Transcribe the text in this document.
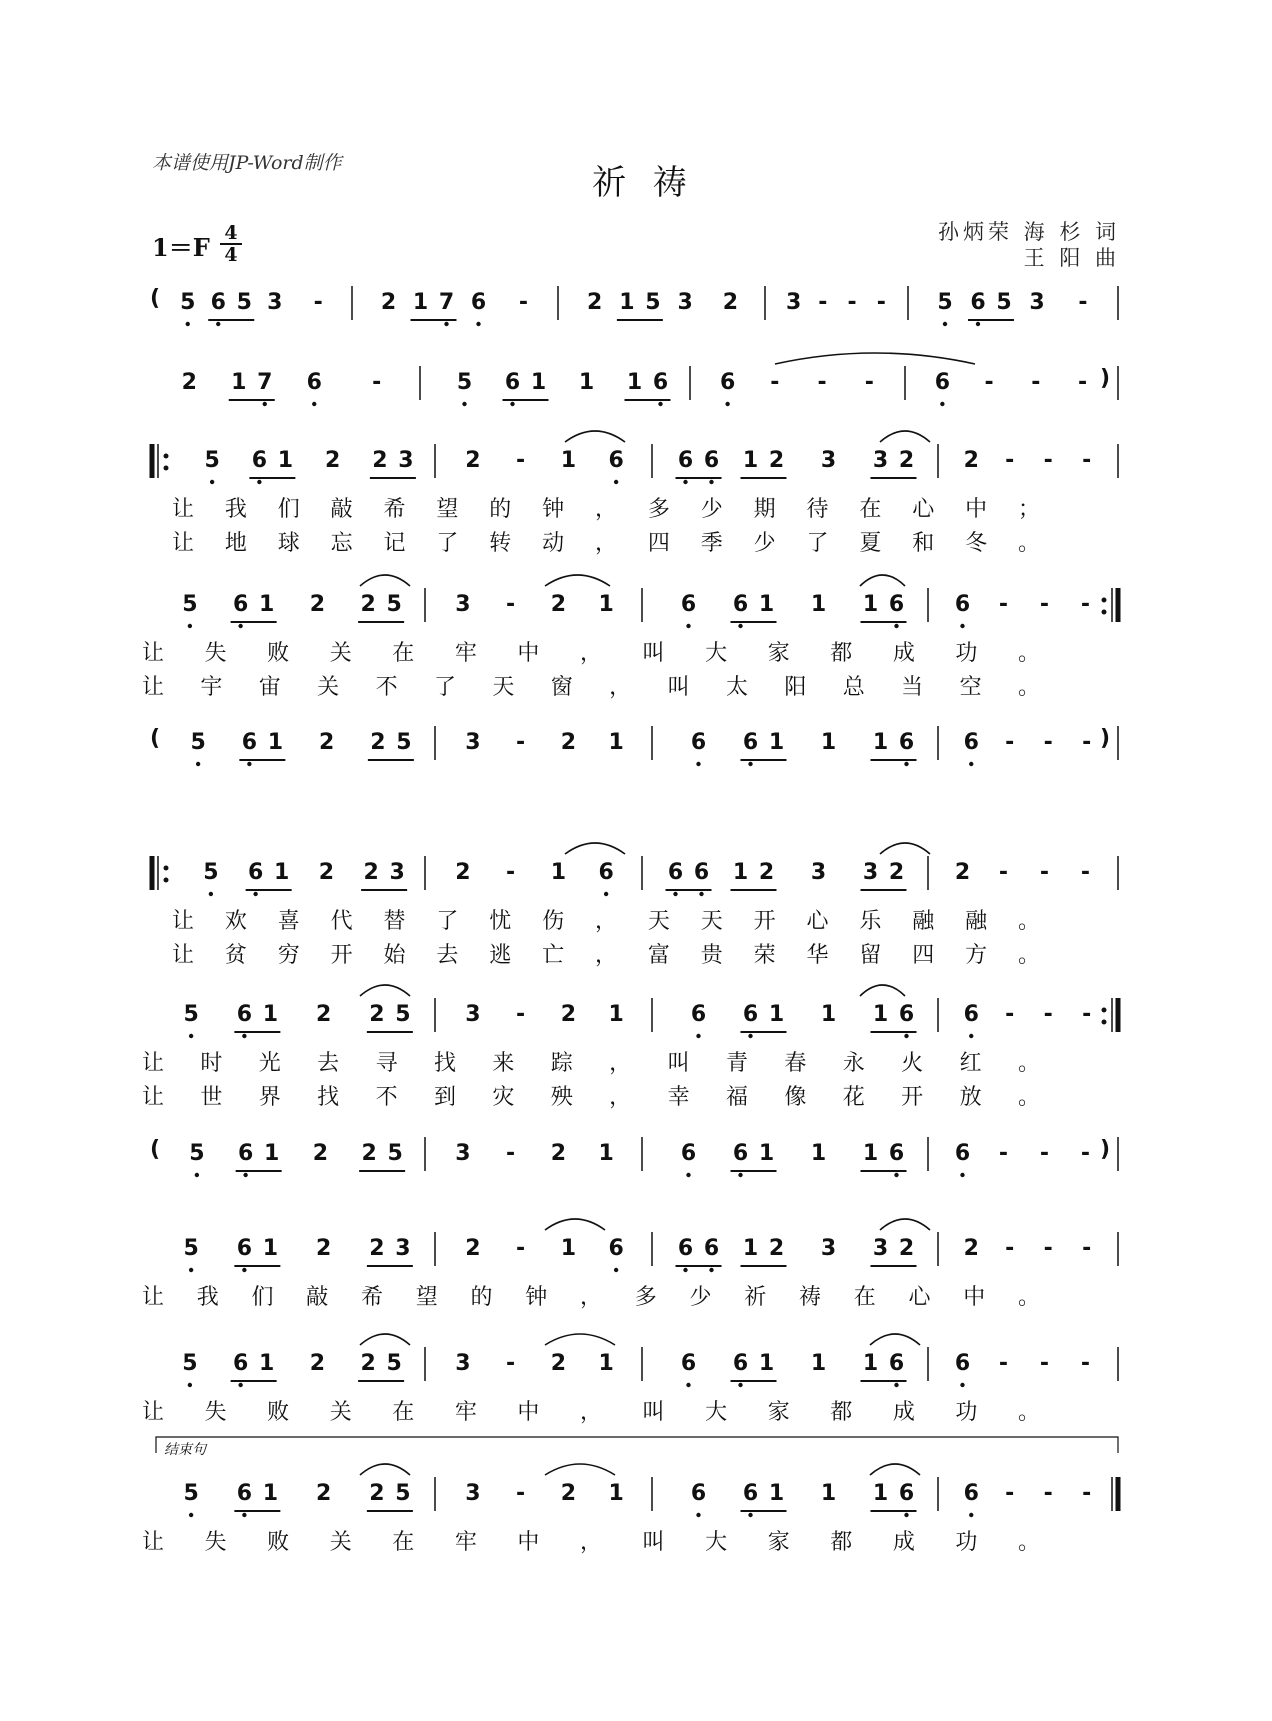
本谱使用JP-Word制作	祈 祷
1＝F 4
4
孙炳荣 海 杉 词
王 阳 曲
( 5 6 5 3 -	2 1 7 6 -	2 1 5 3 2 3 - - - 5 6 5 3 -
)
2 1 7 6 -	5 6 1 1 1 6 6 - - -	6 - - -
5 6 1 2 2 3 2 - 1 6 6 6 1 2 3 3 2 2 - - -
让 我 们 敲 希 望 的 钟 ， 多 少 期 待 在 心 中 ；
让 地 球 忘 记 了 转 动 ， 四 季 少 了 夏 和 冬 。
5 6 1 2 2 5 3 - 2 1	6 6 1 1 1 6 6 - - -
让 失 败 关 在 牢 中 ， 叫 大 家 都 成 功 。
让 宇 宙 关 不 了 天 窗 ， 叫 太 阳 总 当 空 。
(	)
5 6 1 2 2 5 3 - 2 1	6 6 1 1 1 6 6 - - -
5 6 1 2 2 3 2 - 1 6 6 6 1 2 3 3 2 2 - - -
让 欢 喜 代 替 了 忧 伤 ， 天 天 开 心 乐 融 融 。
让 贫 穷 开 始 去 逃 亡 ， 富 贵 荣 华 留 四 方 。
5 6 1 2 2 5 3 - 2 1	6 6 1 1 1 6 6 - - -
让 时 光 去 寻 找 来 踪 ， 叫 青 春 永 火 红 。
让 世 界 找 不 到 灾 殃 ， 幸 福 像 花 开 放 。
(	)
5 6 1 2 2 5 3 - 2 1	6 6 1 1 1 6 6 - - -
5 6 1 2 2 3 2 - 1 6 6 6 1 2 3 3 2 2 - - -
让 我 们 敲 希 望 的 钟 ， 多 少 祈 祷 在 心 中 。
5 6 1 2 2 5 3 - 2 1	6 6 1 1 1 6 6 - - -
让 失 败 关 在 牢 中 ， 叫 大 家 都 成 功 。
5 6 1 2 2 5 3 - 2 1	6 6 1 1 1 6 6 - - -
让 失 败 关 在 牢 中 ， 叫 大 家 都 成 功 。
结束句
